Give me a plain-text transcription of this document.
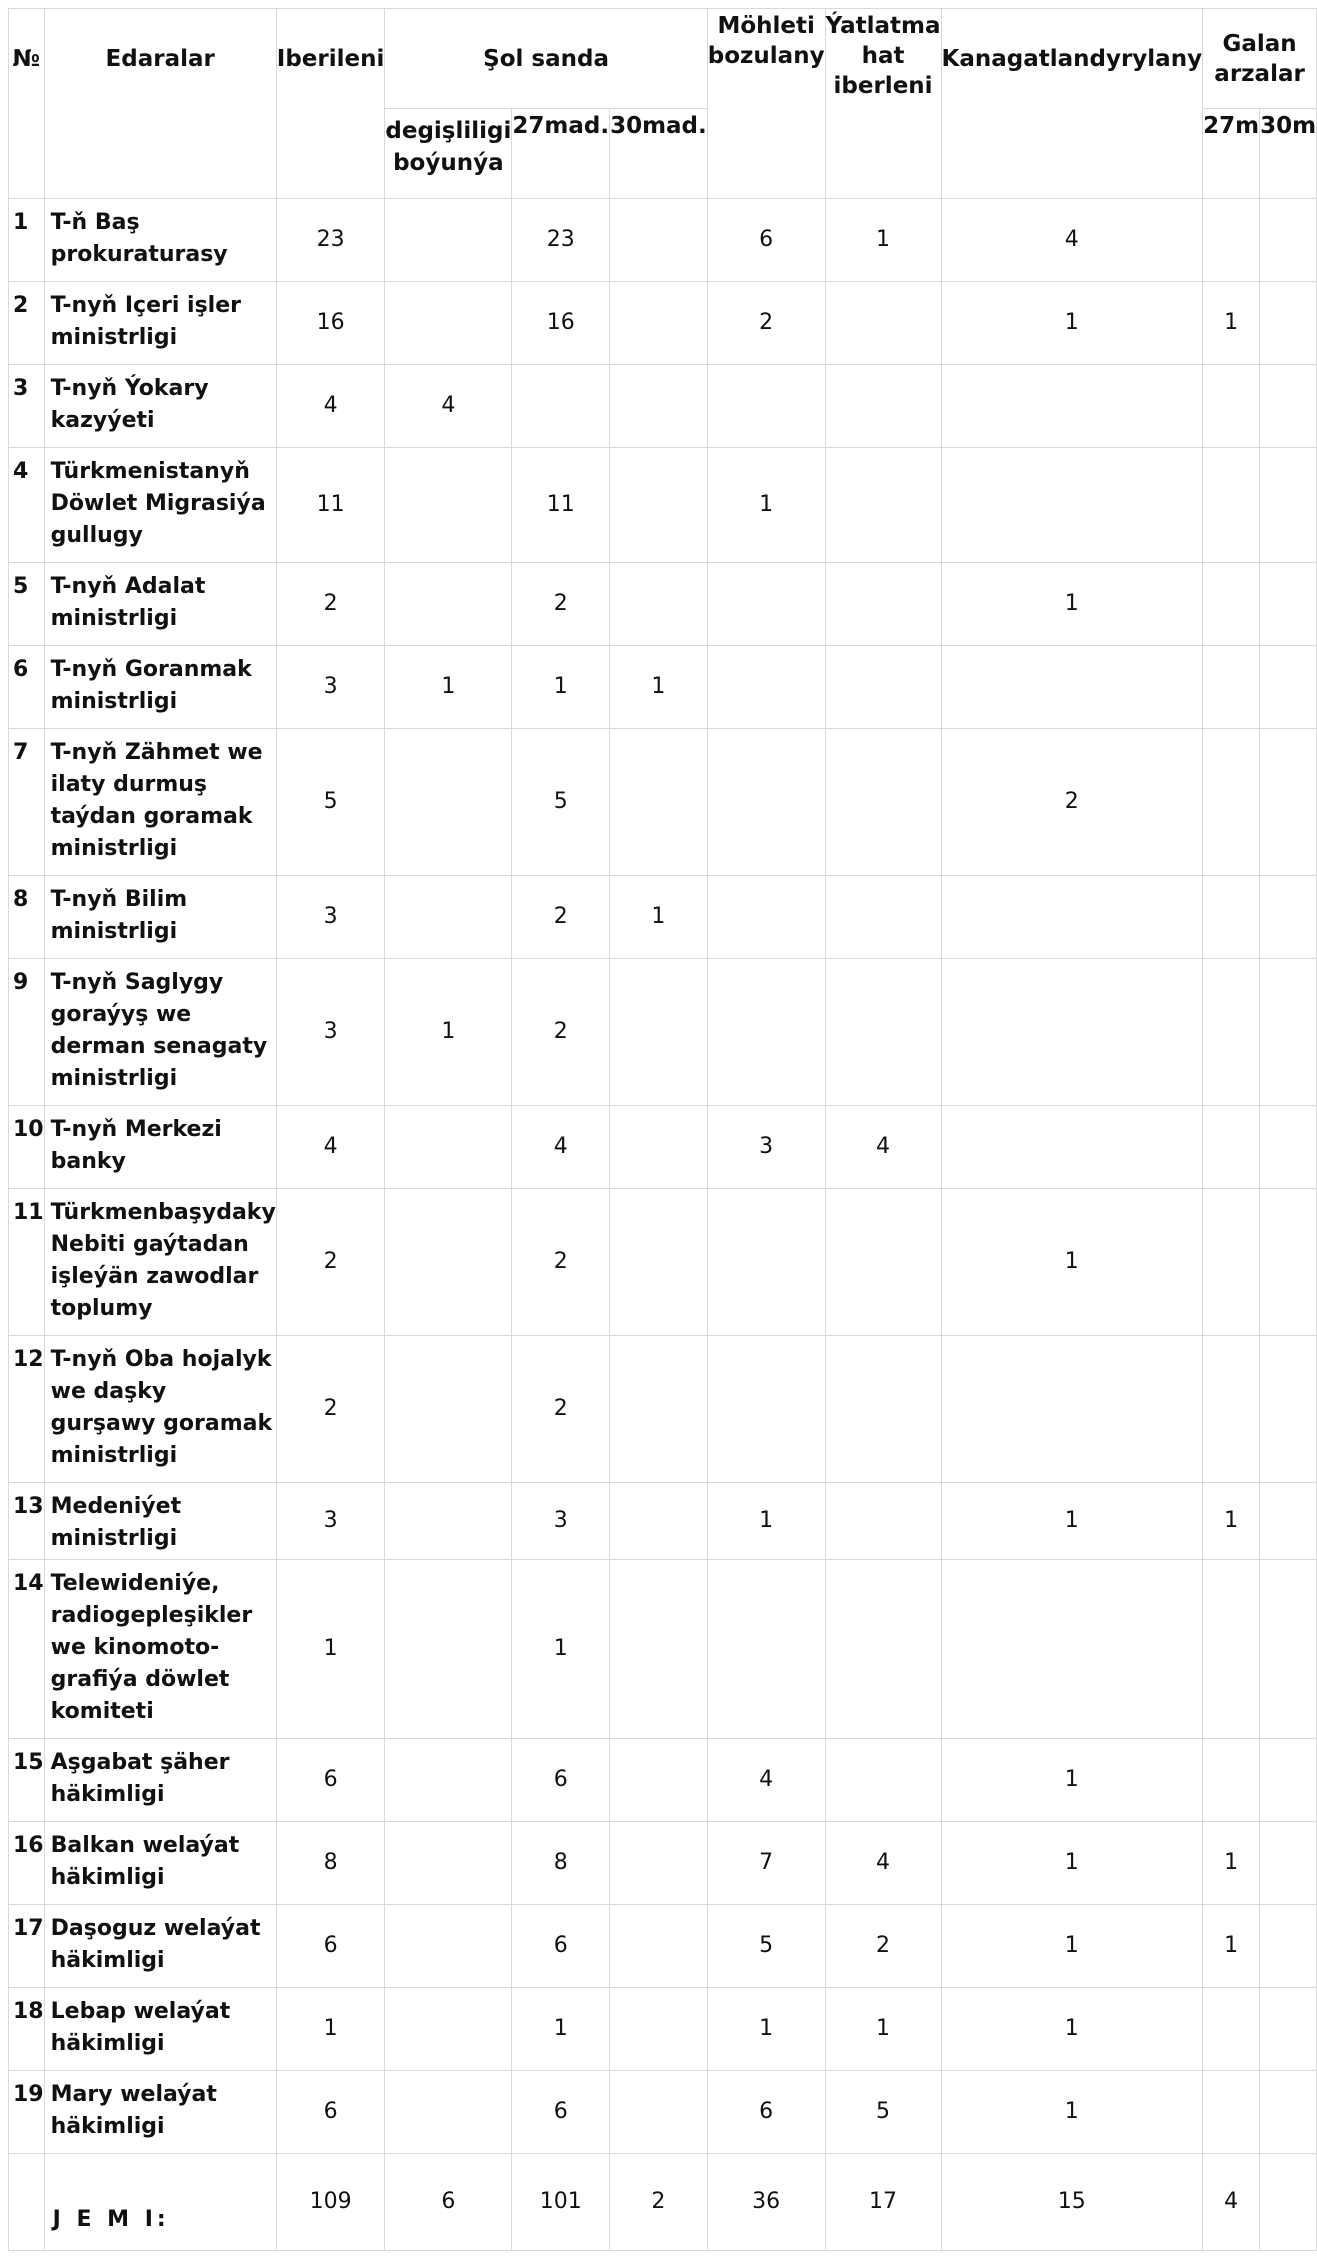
№	Edaralar	Iberileni	Şol sanda			Möhleti bozulany	Ýatlatma hat iberleni	Kanagatlandyrylany	Galan arzalar	
			degişliligi boýunýa	27mad.	30mad.				27m	30m
1	T-ň Baş prokuraturasy	23		23		6	1	4		
2	T-nyň Içeri işler ministrligi	16		16		2		1	1	
3	T-nyň Ýokary kazyýeti	4	4							
4	Türkmenistanyň Döwlet Migrasiýa gullugy	11		11		1				
5	T-nyň Adalat ministrligi	2		2				1		
6	T-nyň Goranmak ministrligi	3	1	1	1					
7	T-nyň Zähmet we ilaty durmuş taýdan goramak ministrligi	5		5				2		
8	T-nyň Bilim ministrligi	3		2	1					
9	T-nyň Saglygy goraýyş we derman senagaty ministrligi	3	1	2						
10	T-nyň Merkezi banky	4		4		3	4			
11	Türkmenbaşydaky Nebiti gaýtadan işleýän zawodlar toplumy	2		2				1		
12	T-nyň Oba hojalyk we daşky gurşawy goramak ministrligi	2		2						
13	Medeniýet ministrligi	3		3		1		1	1	
14	Telewideniýe, radiogepleşikler we kinomoto-grafiýa döwlet komiteti	1		1						
15	Aşgabat şäher häkimligi	6		6		4		1		
16	Balkan welaýat häkimligi	8		8		7	4	1	1	
17	Daşoguz welaýat häkimligi	6		6		5	2	1	1	
18	Lebap welaýat häkimligi	1		1		1	1	1		
19	Mary welaýat häkimligi	6		6		6	5	1		
	J E M I:	109	6	101	2	36	17	15	4	
